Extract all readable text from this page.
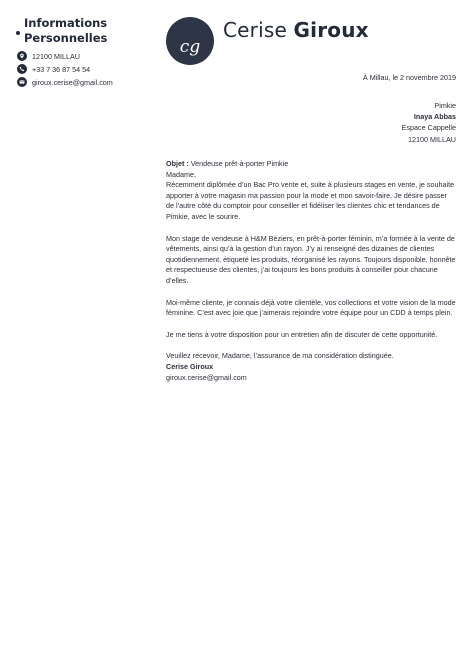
Informations Personnelles
12100 MILLAU
+33 7 36 87 54 54
giroux.cerise@gmail.com
cg
Cerise Giroux
À Millau, le 2 novembre 2019
Pimkie
Inaya Abbas
Espace Cappelle
12100 MILLAU

Objet : Vendeuse prêt-à-porter Pimkie

Madame,

Récemment diplômée d’un Bac Pro vente et, suite à plusieurs stages en vente, je souhaite apporter à votre magasin ma passion pour la mode et mon savoir-faire. Je désire passer de l’autre côté du comptoir pour conseiller et fidéliser les clientes chic et tendances de Pimkie, avec le sourire.

Mon stage de vendeuse à H&M Béziers, en prêt-à-porter féminin, m’a formée à la vente de vêtements, ainsi qu’à la gestion d’un rayon. J’y ai renseigné des dizaines de clientes quotidiennement, étiqueté les produits, réorganisé les rayons. Toujours disponible, honnête et respectueuse des clientes, j’ai toujours les bons produits à conseiller pour chacune d’elles.

Moi-même cliente, je connais déjà votre clientèle, vos collections et votre vision de la mode féminine. C’est avec joie que j’aimerais rejoindre votre équipe pour un CDD à temps plein.

Je me tiens à votre disposition pour un entretien afin de discuter de cette opportunité.

Veuillez recevoir, Madame, l’assurance de ma considération distinguée.

Cerise Giroux

giroux.cerise@gmail.com
